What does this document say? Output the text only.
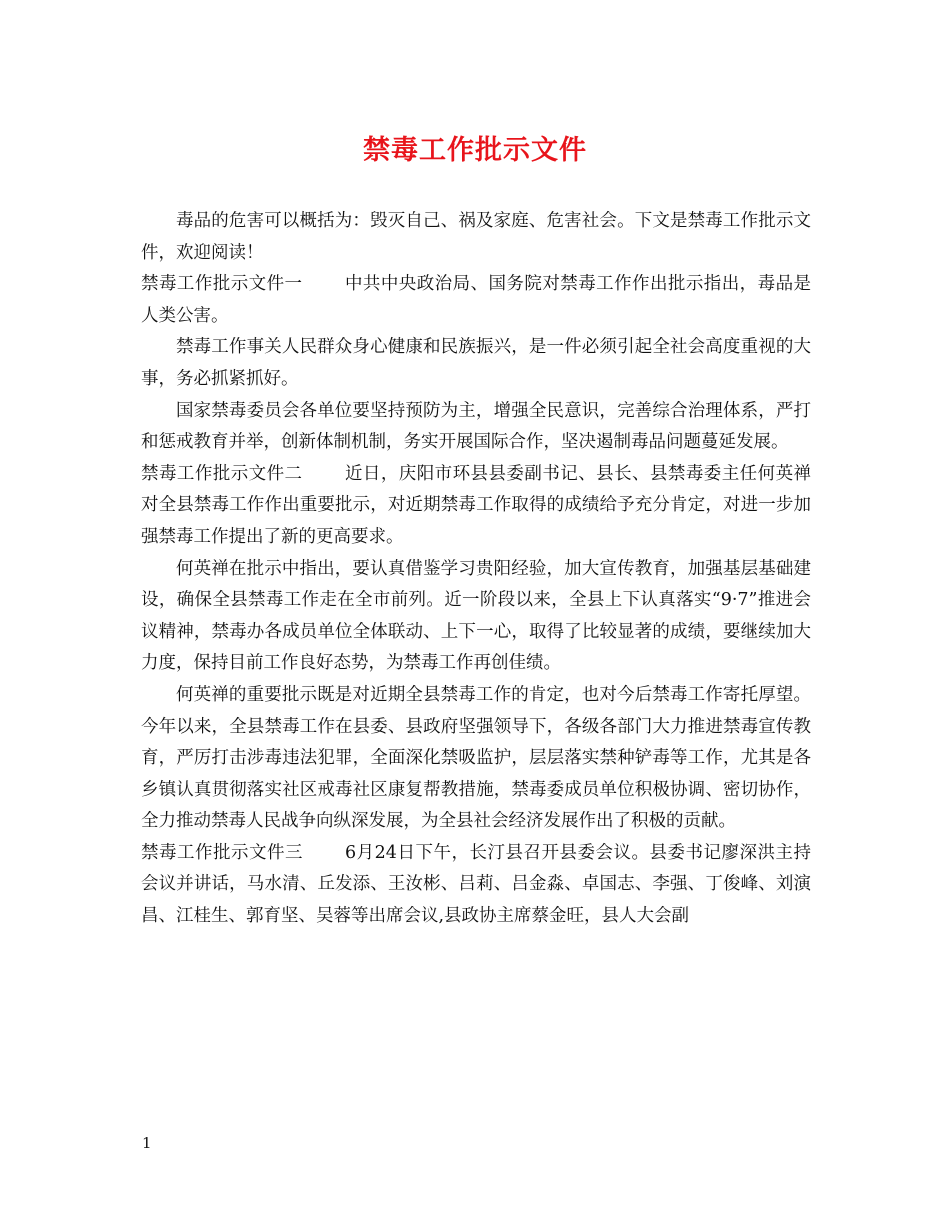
禁毒工作批示文件

毒品的危害可以概括为：毁灭自己、祸及家庭、危害社会。下文是禁毒工作批示文件，欢迎阅读！

禁毒工作批示文件一 中共中央政治局、国务院对禁毒工作作出批示指出，毒品是人类公害。

禁毒工作事关人民群众身心健康和民族振兴，是一件必须引起全社会高度重视的大事，务必抓紧抓好。

国家禁毒委员会各单位要坚持预防为主，增强全民意识，完善综合治理体系，严打和惩戒教育并举，创新体制机制，务实开展国际合作，坚决遏制毒品问题蔓延发展。

禁毒工作批示文件二 近日，庆阳市环县县委副书记、县长、县禁毒委主任何英禅对全县禁毒工作作出重要批示，对近期禁毒工作取得的成绩给予充分肯定，对进一步加强禁毒工作提出了新的更高要求。

何英禅在批示中指出，要认真借鉴学习贵阳经验，加大宣传教育，加强基层基础建设，确保全县禁毒工作走在全市前列。近一阶段以来，全县上下认真落实“9·7”推进会议精神，禁毒办各成员单位全体联动、上下一心，取得了比较显著的成绩，要继续加大力度，保持目前工作良好态势，为禁毒工作再创佳绩。

何英禅的重要批示既是对近期全县禁毒工作的肯定，也对今后禁毒工作寄托厚望。今年以来，全县禁毒工作在县委、县政府坚强领导下，各级各部门大力推进禁毒宣传教育，严厉打击涉毒违法犯罪，全面深化禁吸监护，层层落实禁种铲毒等工作，尤其是各乡镇认真贯彻落实社区戒毒社区康复帮教措施，禁毒委成员单位积极协调、密切协作，全力推动禁毒人民战争向纵深发展，为全县社会经济发展作出了积极的贡献。

禁毒工作批示文件三 6月24日下午，长汀县召开县委会议。县委书记廖深洪主持会议并讲话，马水清、丘发添、王汝彬、吕莉、吕金淼、卓国志、李强、丁俊峰、刘演昌、江桂生、郭育坚、吴蓉等出席会议,县政协主席蔡金旺，县人大会副

1
